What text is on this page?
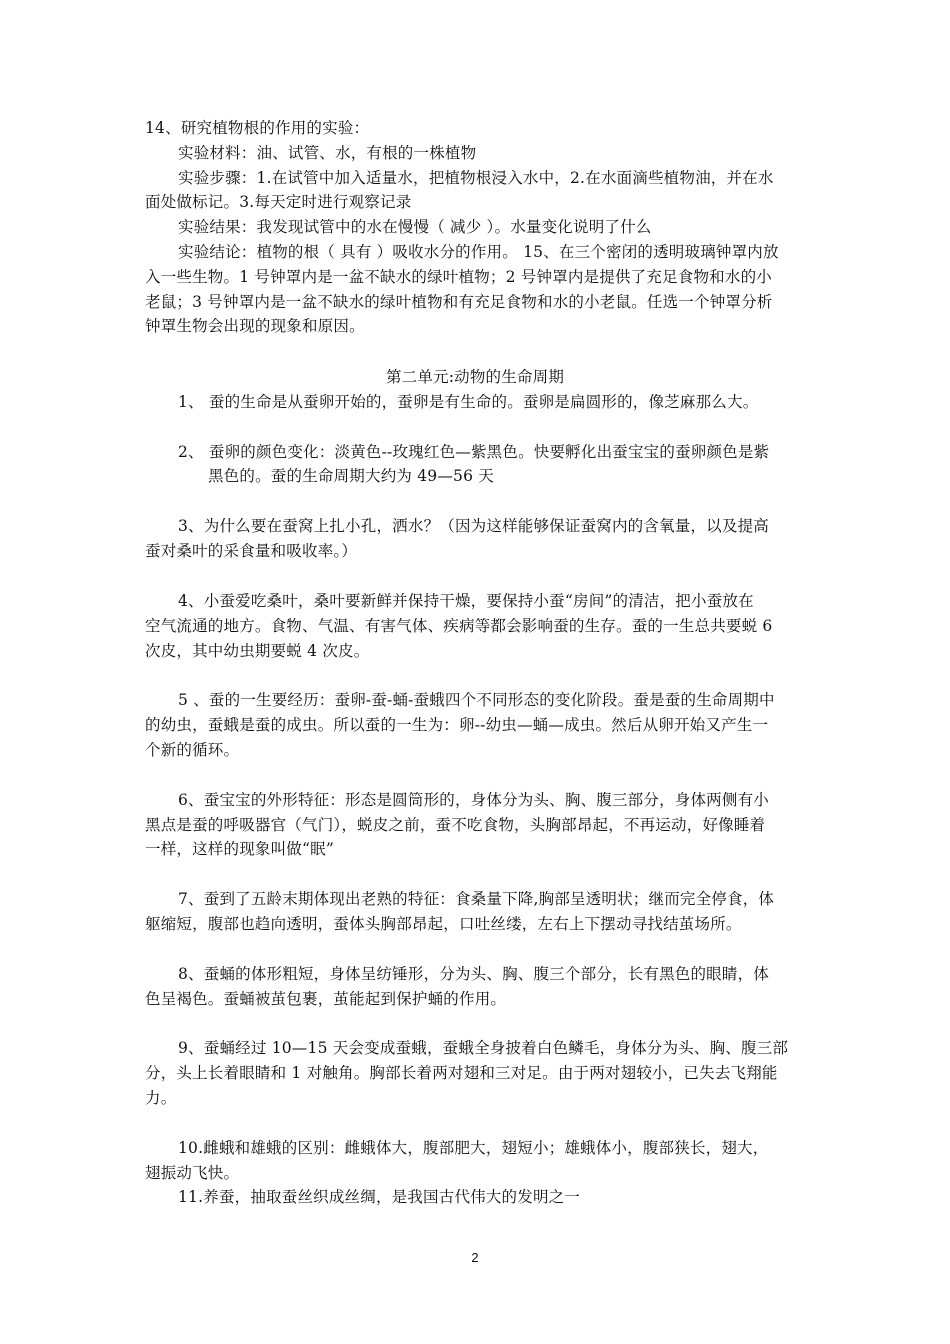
14、研究植物根的作用的实验：
实验材料：油、试管、水，有根的一株植物
实验步骤：1.在试管中加入适量水，把植物根浸入水中，2.在水面滴些植物油，并在水
面处做标记。3.每天定时进行观察记录
实验结果：我发现试管中的水在慢慢（ 减少 ）。水量变化说明了什么
实验结论：植物的根（ 具有 ）吸收水分的作用。 15、在三个密闭的透明玻璃钟罩内放
入一些生物。1 号钟罩内是一盆不缺水的绿叶植物；2 号钟罩内是提供了充足食物和水的小
老鼠；3 号钟罩内是一盆不缺水的绿叶植物和有充足食物和水的小老鼠。任选一个钟罩分析
钟罩生物会出现的现象和原因。
第二单元:动物的生命周期
1、 蚕的生命是从蚕卵开始的，蚕卵是有生命的。蚕卵是扁圆形的，像芝麻那么大。
2、 蚕卵的颜色变化：淡黄色--玫瑰红色—紫黑色。快要孵化出蚕宝宝的蚕卵颜色是紫
黑色的。蚕的生命周期大约为 49—56 天
3、为什么要在蚕窝上扎小孔，洒水？（因为这样能够保证蚕窝内的含氧量，以及提高
蚕对桑叶的采食量和吸收率。）
4、小蚕爱吃桑叶，桑叶要新鲜并保持干燥，要保持小蚕“房间”的清洁，把小蚕放在
空气流通的地方。食物、气温、有害气体、疾病等都会影响蚕的生存。蚕的一生总共要蜕 6
次皮，其中幼虫期要蜕 4 次皮。
5 、蚕的一生要经历：蚕卵-蚕-蛹-蚕蛾四个不同形态的变化阶段。蚕是蚕的生命周期中
的幼虫，蚕蛾是蚕的成虫。所以蚕的一生为：卵--幼虫—蛹—成虫。然后从卵开始又产生一
个新的循环。
6、蚕宝宝的外形特征：形态是圆筒形的，身体分为头、胸、腹三部分，身体两侧有小
黑点是蚕的呼吸器官（气门），蜕皮之前，蚕不吃食物，头胸部昂起，不再运动，好像睡着
一样，这样的现象叫做“眠”
7、蚕到了五龄末期体现出老熟的特征：食桑量下降,胸部呈透明状；继而完全停食，体
躯缩短，腹部也趋向透明，蚕体头胸部昂起，口吐丝缕，左右上下摆动寻找结茧场所。
8、蚕蛹的体形粗短，身体呈纺锤形，分为头、胸、腹三个部分，长有黑色的眼睛，体
色呈褐色。蚕蛹被茧包裹，茧能起到保护蛹的作用。
9、蚕蛹经过 10—15 天会变成蚕蛾，蚕蛾全身披着白色鳞毛，身体分为头、胸、腹三部
分，头上长着眼睛和 1 对触角。胸部长着两对翅和三对足。由于两对翅较小，已失去飞翔能
力。
10.雌蛾和雄蛾的区别：雌蛾体大，腹部肥大，翅短小；雄蛾体小，腹部狭长，翅大，
翅振动飞快。
11.养蚕，抽取蚕丝织成丝绸，是我国古代伟大的发明之一
2
